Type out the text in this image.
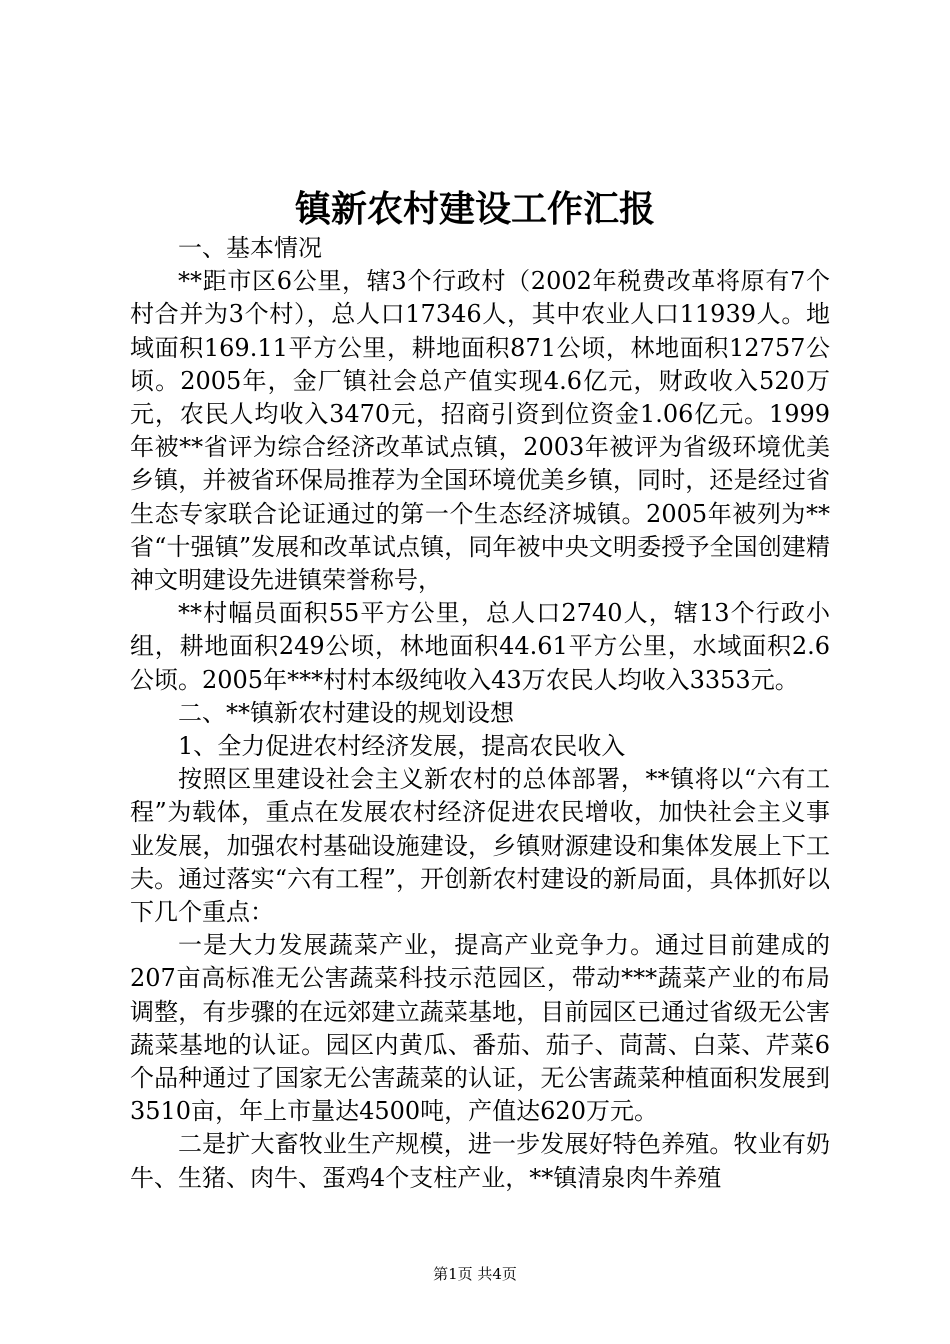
镇新农村建设工作汇报

一、基本情况

**距市区6公里，辖3个行政村（2002年税费改革将原有7个村合并为3个村），总人口17346人，其中农业人口11939人。地域面积169.11平方公里，耕地面积871公顷，林地面积12757公顷。2005年，金厂镇社会总产值实现4.6亿元，财政收入520万元，农民人均收入3470元，招商引资到位资金1.06亿元。1999年被**省评为综合经济改革试点镇，2003年被评为省级环境优美乡镇，并被省环保局推荐为全国环境优美乡镇，同时，还是经过省生态专家联合论证通过的第一个生态经济城镇。2005年被列为**省“十强镇”发展和改革试点镇，同年被中央文明委授予全国创建精神文明建设先进镇荣誉称号，

**村幅员面积55平方公里，总人口2740人，辖13个行政小组，耕地面积249公顷，林地面积44.61平方公里，水域面积2.6公顷。2005年***村村本级纯收入43万农民人均收入3353元。

二、**镇新农村建设的规划设想

1、全力促进农村经济发展，提高农民收入

按照区里建设社会主义新农村的总体部署，**镇将以“六有工程”为载体，重点在发展农村经济促进农民增收，加快社会主义事业发展，加强农村基础设施建设，乡镇财源建设和集体发展上下工夫。通过落实“六有工程”，开创新农村建设的新局面，具体抓好以下几个重点：

一是大力发展蔬菜产业，提高产业竞争力。通过目前建成的207亩高标准无公害蔬菜科技示范园区，带动***蔬菜产业的布局调整，有步骤的在远郊建立蔬菜基地，目前园区已通过省级无公害蔬菜基地的认证。园区内黄瓜、番茄、茄子、茼蒿、白菜、芹菜6个品种通过了国家无公害蔬菜的认证，无公害蔬菜种植面积发展到3510亩，年上市量达4500吨，产值达620万元。

二是扩大畜牧业生产规模，进一步发展好特色养殖。牧业有奶牛、生猪、肉牛、蛋鸡4个支柱产业，**镇清泉肉牛养殖

第1页 共4页
